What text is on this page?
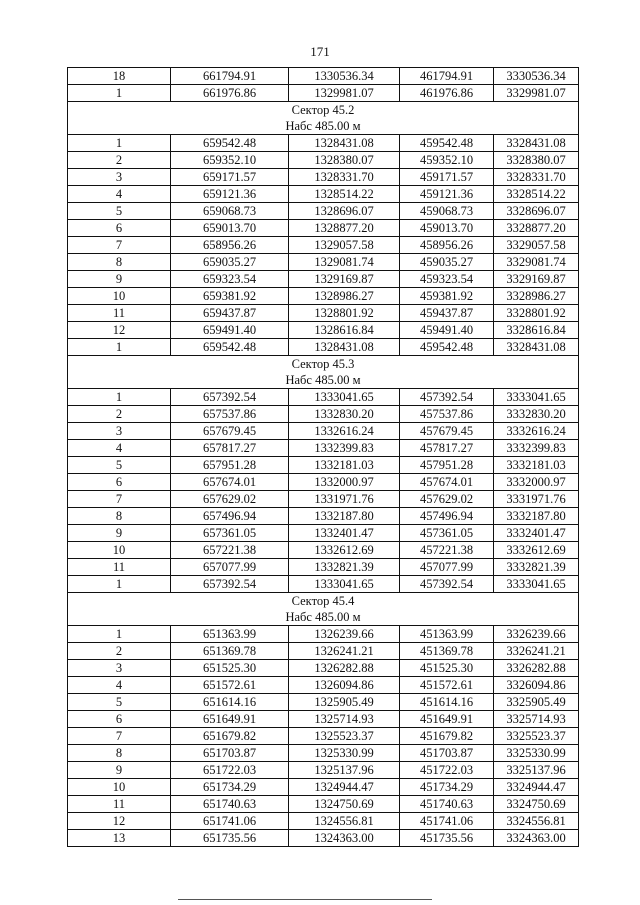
171
18	661794.91	1330536.34	461794.91	3330536.34
1	661976.86	1329981.07	461976.86	3329981.07

Сектор 45.2
Набс 485.00 м				

1	659542.48	1328431.08	459542.48	3328431.08
2	659352.10	1328380.07	459352.10	3328380.07
3	659171.57	1328331.70	459171.57	3328331.70
4	659121.36	1328514.22	459121.36	3328514.22
5	659068.73	1328696.07	459068.73	3328696.07
6	659013.70	1328877.20	459013.70	3328877.20
7	658956.26	1329057.58	458956.26	3329057.58
8	659035.27	1329081.74	459035.27	3329081.74
9	659323.54	1329169.87	459323.54	3329169.87
10	659381.92	1328986.27	459381.92	3328986.27
11	659437.87	1328801.92	459437.87	3328801.92
12	659491.40	1328616.84	459491.40	3328616.84
1	659542.48	1328431.08	459542.48	3328431.08

Сектор 45.3
Набс 485.00 м				

1	657392.54	1333041.65	457392.54	3333041.65
2	657537.86	1332830.20	457537.86	3332830.20
3	657679.45	1332616.24	457679.45	3332616.24
4	657817.27	1332399.83	457817.27	3332399.83
5	657951.28	1332181.03	457951.28	3332181.03
6	657674.01	1332000.97	457674.01	3332000.97
7	657629.02	1331971.76	457629.02	3331971.76
8	657496.94	1332187.80	457496.94	3332187.80
9	657361.05	1332401.47	457361.05	3332401.47
10	657221.38	1332612.69	457221.38	3332612.69
11	657077.99	1332821.39	457077.99	3332821.39
1	657392.54	1333041.65	457392.54	3333041.65

Сектор 45.4
Набс 485.00 м				

1	651363.99	1326239.66	451363.99	3326239.66
2	651369.78	1326241.21	451369.78	3326241.21
3	651525.30	1326282.88	451525.30	3326282.88
4	651572.61	1326094.86	451572.61	3326094.86
5	651614.16	1325905.49	451614.16	3325905.49
6	651649.91	1325714.93	451649.91	3325714.93
7	651679.82	1325523.37	451679.82	3325523.37
8	651703.87	1325330.99	451703.87	3325330.99
9	651722.03	1325137.96	451722.03	3325137.96
10	651734.29	1324944.47	451734.29	3324944.47
11	651740.63	1324750.69	451740.63	3324750.69
12	651741.06	1324556.81	451741.06	3324556.81
13	651735.56	1324363.00	451735.56	3324363.00
